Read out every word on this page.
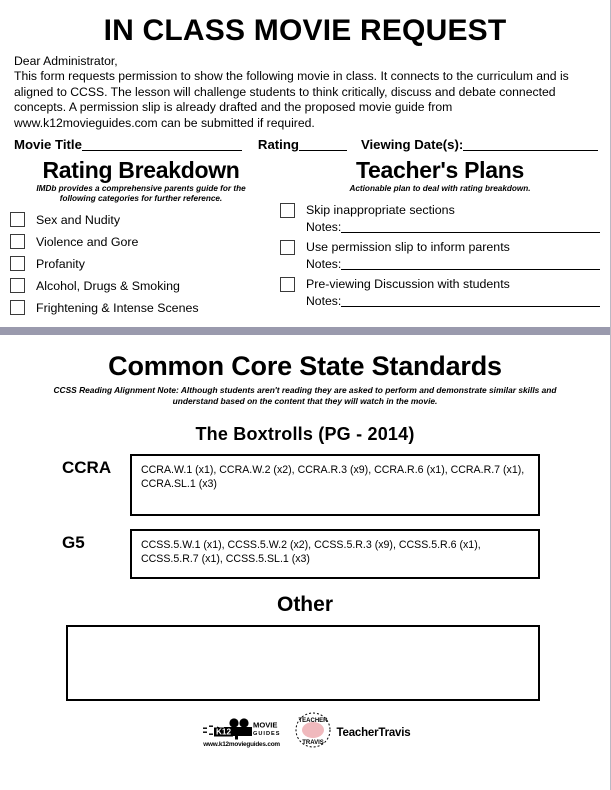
IN CLASS MOVIE REQUEST
Dear Administrator,
This form requests permission to show the following movie in class. It connects to the curriculum and is aligned to CCSS. The lesson will challenge students to think critically, discuss and debate connected concepts. A permission slip is already drafted and the proposed movie guide from www.k12movieguides.com can be submitted if required.
Movie Title	Rating	Viewing Date(s):
Rating Breakdown
IMDb provides a comprehensive parents guide for the following categories for further reference.
Sex and Nudity
Violence and Gore
Profanity
Alcohol, Drugs & Smoking
Frightening & Intense Scenes
Teacher's Plans
Actionable plan to deal with rating breakdown.
Skip inappropriate sections
Notes:
Use permission slip to inform parents
Notes:
Pre-viewing Discussion with students
Notes:
Common Core State Standards
CCSS Reading Alignment Note: Although students aren't reading they are asked to perform and demonstrate similar skills and understand based on the content that they will watch in the movie.
The Boxtrolls (PG - 2014)
CCRA	CCRA.W.1 (x1), CCRA.W.2 (x2), CCRA.R.3 (x9), CCRA.R.6 (x1), CCRA.R.7 (x1), CCRA.SL.1 (x3)
G5	CCSS.5.W.1 (x1), CCSS.5.W.2 (x2), CCSS.5.R.3 (x9), CCSS.5.R.6 (x1), CCSS.5.R.7 (x1), CCSS.5.SL.1 (x3)
Other
K12
MOVIE
GUIDES
www.k12movieguides.com
TEACHER
TRAVIS
TeacherTravis
